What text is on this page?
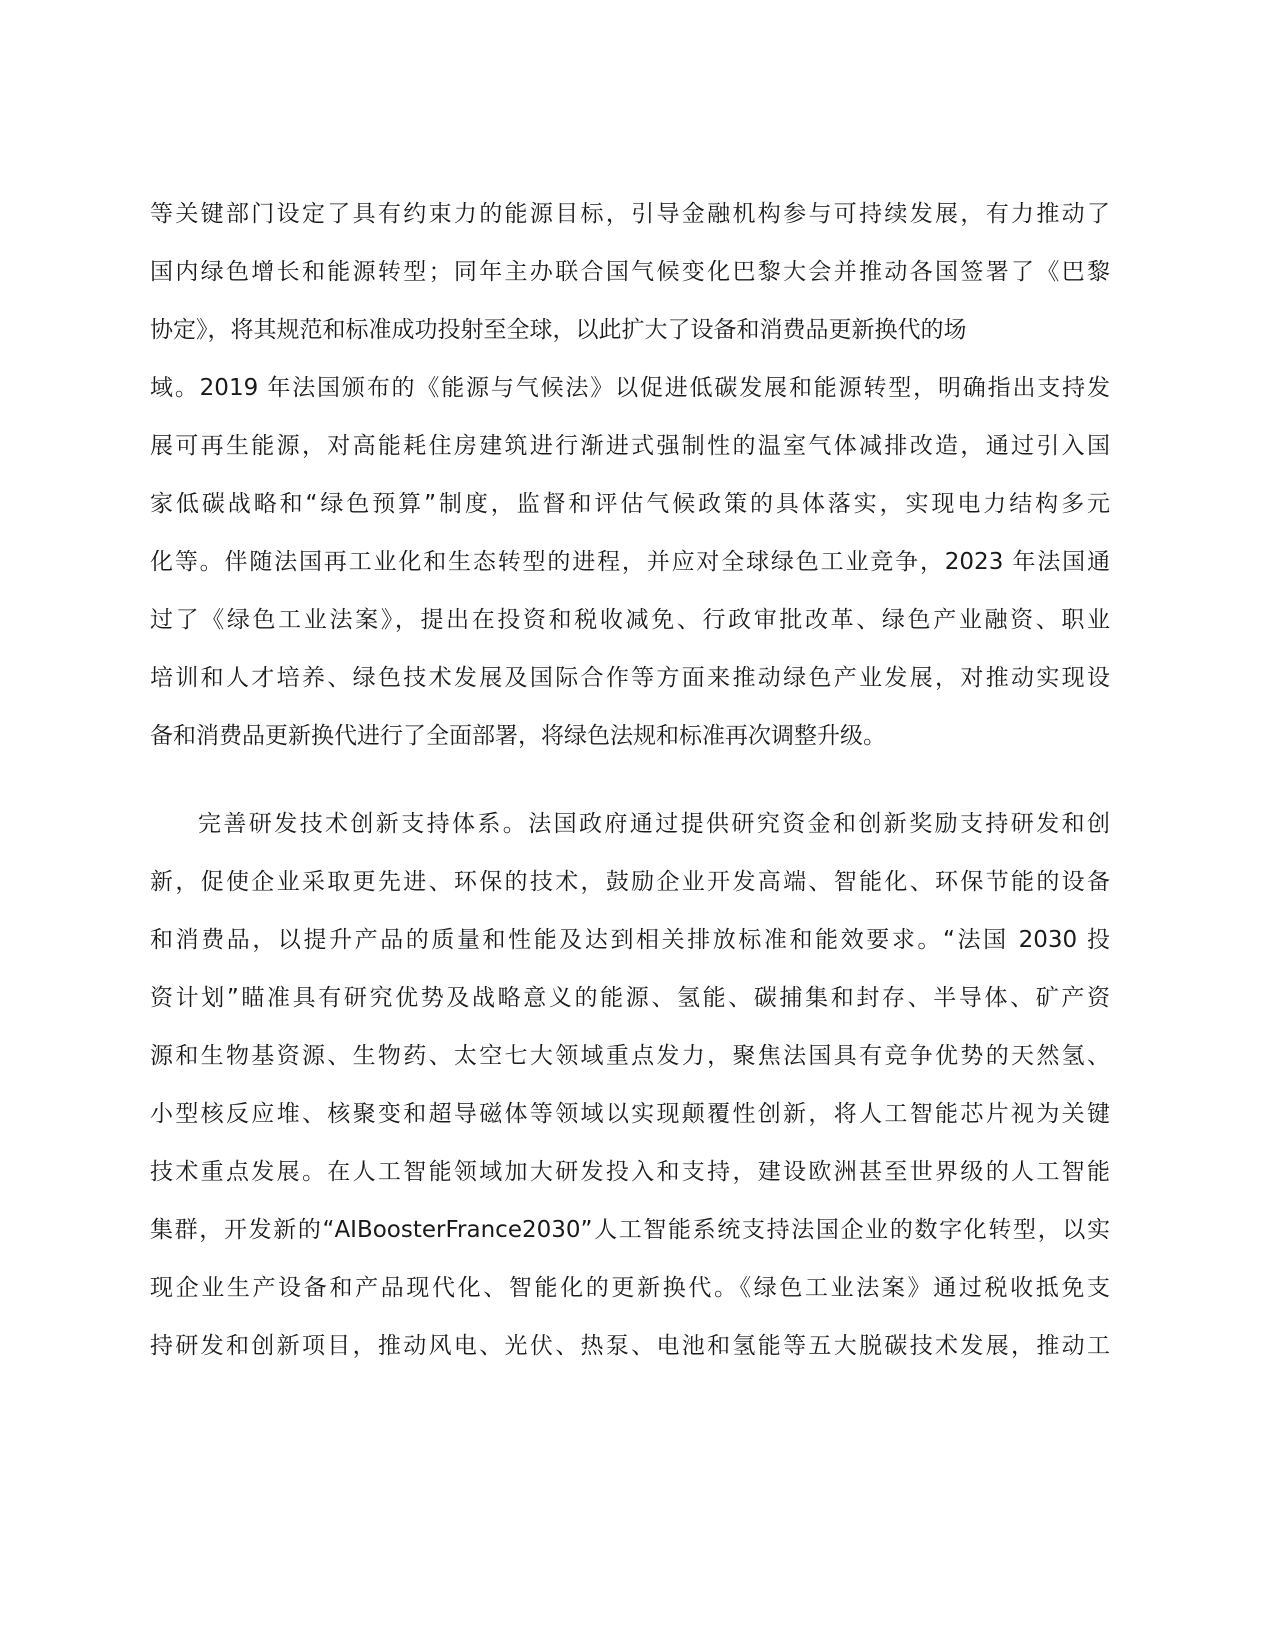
等关键部门设定了具有约束力的能源目标，引导金融机构参与可持续发展，有力推动了
国内绿色增长和能源转型；同年主办联合国气候变化巴黎大会并推动各国签署了《巴黎
协定》，将其规范和标准成功投射至全球，以此扩大了设备和消费品更新换代的场
域。2019 年法国颁布的《能源与气候法》以促进低碳发展和能源转型，明确指出支持发
展可再生能源，对高能耗住房建筑进行渐进式强制性的温室气体减排改造，通过引入国
家低碳战略和“绿色预算”制度，监督和评估气候政策的具体落实，实现电力结构多元
化等。伴随法国再工业化和生态转型的进程，并应对全球绿色工业竞争，2023 年法国通
过了《绿色工业法案》，提出在投资和税收减免、行政审批改革、绿色产业融资、职业
培训和人才培养、绿色技术发展及国际合作等方面来推动绿色产业发展，对推动实现设
备和消费品更新换代进行了全面部署，将绿色法规和标准再次调整升级。
完善研发技术创新支持体系。法国政府通过提供研究资金和创新奖励支持研发和创
新，促使企业采取更先进、环保的技术，鼓励企业开发高端、智能化、环保节能的设备
和消费品，以提升产品的质量和性能及达到相关排放标准和能效要求。“法国 2030 投
资计划”瞄准具有研究优势及战略意义的能源、氢能、碳捕集和封存、半导体、矿产资
源和生物基资源、生物药、太空七大领域重点发力，聚焦法国具有竞争优势的天然氢、
小型核反应堆、核聚变和超导磁体等领域以实现颠覆性创新，将人工智能芯片视为关键
技术重点发展。在人工智能领域加大研发投入和支持，建设欧洲甚至世界级的人工智能
集群，开发新的“AIBoosterFrance2030”人工智能系统支持法国企业的数字化转型，以实
现企业生产设备和产品现代化、智能化的更新换代。《绿色工业法案》通过税收抵免支
持研发和创新项目，推动风电、光伏、热泵、电池和氢能等五大脱碳技术发展，推动工
